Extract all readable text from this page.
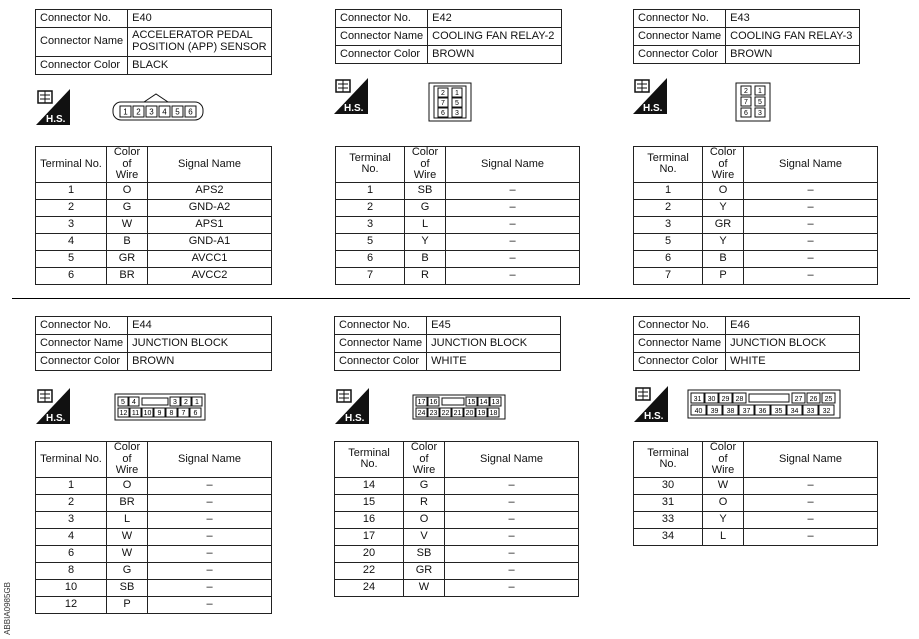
Connector No.	E40
Connector Name	ACCELERATOR PEDAL POSITION (APP) SENSOR
Connector Color	BLACK
Connector No.	E42
Connector Name	COOLING FAN RELAY-2
Connector Color	BROWN
Connector No.	E43
Connector Name	COOLING FAN RELAY-3
Connector Color	BROWN
H.S.
H.S.	H.S.
1 2 3 4 5 6
2 1
7 5
6 3
2 1
7 5
6 3
Terminal No.	Color of Wire	Signal Name
1	O	APS2
2	G	GND-A2
3	W	APS1
4	B	GND-A1
5	GR	AVCC1
6	BR	AVCC2
Terminal No.	Color of Wire	Signal Name
1	SB	–
2	G	–
3	L	–
5	Y	–
6	B	–
7	R	–
Terminal No.	Color of Wire	Signal Name
1	O	–
2	Y	–
3	GR	–
5	Y	–
6	B	–
7	P	–
Connector No.	E44
Connector Name	JUNCTION BLOCK
Connector Color	BROWN
Connector No.	E45
Connector Name	JUNCTION BLOCK
Connector Color	WHITE
Connector No.	E46
Connector Name	JUNCTION BLOCK
Connector Color	WHITE
H.S.	H.S.	H.S.
5 4	3 2 1
12 11 10 9 8 7 6
17 16	15 14 13
24 23 22 21 20 19 18
31 30 29 28	27 26 25
40 39 38 37 36 35 34 33 32
Terminal No.	Color of Wire	Signal Name
1	O	–
2	BR	–
3	L	–
4	W	–
6	W	–
8	G	–
10	SB	–
12	P	–
Terminal No.	Color of Wire	Signal Name
14	G	–
15	R	–
16	O	–
17	V	–
20	SB	–
22	GR	–
24	W	–
Terminal No.	Color of Wire	Signal Name
30	W	–
31	O	–
33	Y	–
34	L	–
ABBIA0985GB
